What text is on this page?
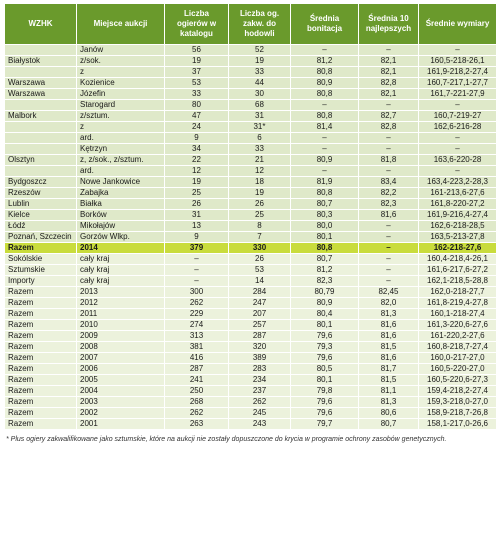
WZHK	Miejsce aukcji	Liczba ogierów w katalogu	Liczba og. zakw. do hodowli	Średnia bonitacja	Średnia 10 najlepszych	Średnie wymiary
	Janów	56	52	–	–	–
Białystok	z/sok.	19	19	81,2	82,1	160,5-218-26,1
	z	37	33	80,8	82,1	161,9-218,2-27,4
Warszawa	Kozienice	53	44	80,9	82,8	160,7-217,1-27,7
Warszawa	Józefin	33	30	80,8	82,1	161,7-221-27,9
	Starogard	80	68	–	–	–
Malbork	z/sztum.	47	31	80,8	82,7	160,7-219-27
	z	24	31*	81,4	82,8	162,6-216-28
	ard.	9	6	–	–	–
	Kętrzyn	34	33	–	–	–
Olsztyn	z, z/sok., z/sztum.	22	21	80,9	81,8	163,6-220-28
	ard.	12	12	–	–	–
Bydgoszcz	Nowe Jankowice	19	18	81,9	83,4	163,4-223,2-28,3
Rzeszów	Zabajka	25	19	80,8	82,2	161-213,6-27,6
Lublin	Białka	26	26	80,7	82,3	161,8-220-27,2
Kielce	Borków	31	25	80,3	81,6	161,9-216,4-27,4
Łódź	Mikołajów	13	8	80,0	–	162,6-218-28,5
Poznań, Szczecin	Gorzów Wlkp.	9	7	80,1	–	163,5-213-27,8
Razem	2014	379	330	80,8	–	162-218-27,6
Sokólskie	cały kraj	–	26	80,7	–	160,4-218,4-26,1
Sztumskie	cały kraj	–	53	81,2	–	161,6-217,6-27,2
Importy	cały kraj	–	14	82,3	–	162,1-218,5-28,8
Razem	2013	300	284	80,79	82,45	162,0-218-27,7
Razem	2012	262	247	80,9	82,0	161,8-219,4-27,8
Razem	2011	229	207	80,4	81,3	160,1-218-27,4
Razem	2010	274	257	80,1	81,6	161,3-220,6-27,6
Razem	2009	313	287	79,6	81,6	161-220,2-27,6
Razem	2008	381	320	79,3	81,5	160,8-218,7-27,4
Razem	2007	416	389	79,6	81,6	160,0-217-27,0
Razem	2006	287	283	80,5	81,7	160,5-220-27,0
Razem	2005	241	234	80,1	81,5	160,5-220,6-27,3
Razem	2004	250	237	79,8	81,1	159,4-218,2-27,4
Razem	2003	268	262	79,6	81,3	159,3-218,0-27,0
Razem	2002	262	245	79,6	80,6	158,9-218,7-26,8
Razem	2001	263	243	79,7	80,7	158,1-217,0-26,6
* Plus ogiery zakwalifikowane jako sztumskie, które na aukcji nie zostały dopuszczone do krycia w programie ochrony zasobów genetycznych.
